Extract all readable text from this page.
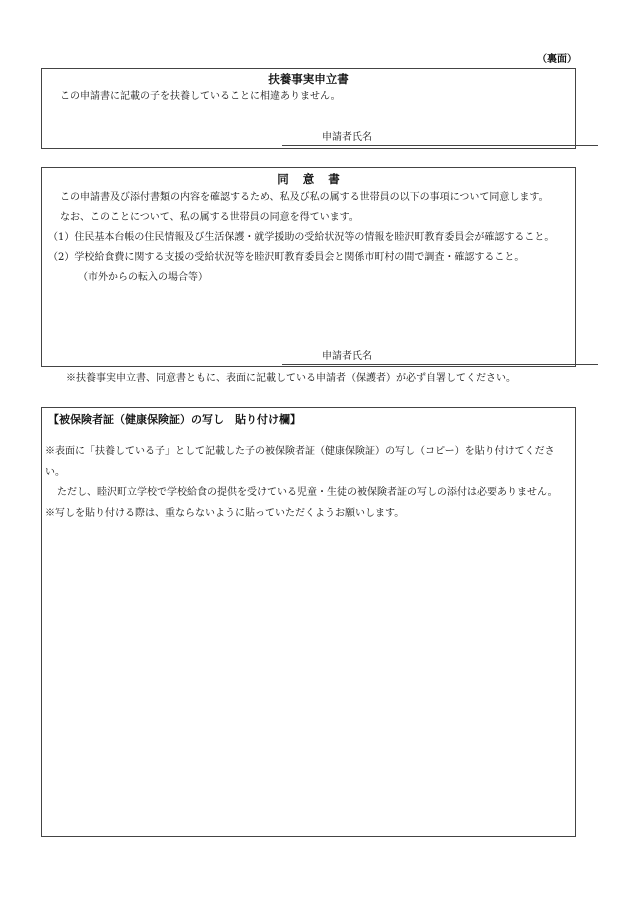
（裏面）
扶養事実申立書

この申請書に記載の子を扶養していることに相違ありません。

申請者氏名
同意書

この申請書及び添付書類の内容を確認するため、私及び私の属する世帯員の以下の事項について同意します。

なお、このことについて、私の属する世帯員の同意を得ています。

（1）住民基本台帳の住民情報及び生活保護・就学援助の受給状況等の情報を睦沢町教育委員会が確認すること。

（2）学校給食費に関する支援の受給状況等を睦沢町教育委員会と関係市町村の間で調査・確認すること。

（市外からの転入の場合等）

申請者氏名
※扶養事実申立書、同意書ともに、表面に記載している申請者（保護者）が必ず自署してください。
【被保険者証（健康保険証）の写し　貼り付け欄】

※表面に「扶養している子」として記載した子の被保険者証（健康保険証）の写し（コピー）を貼り付けてください。

ただし、睦沢町立学校で学校給食の提供を受けている児童・生徒の被保険者証の写しの添付は必要ありません。

※写しを貼り付ける際は、重ならないように貼っていただくようお願いします。
